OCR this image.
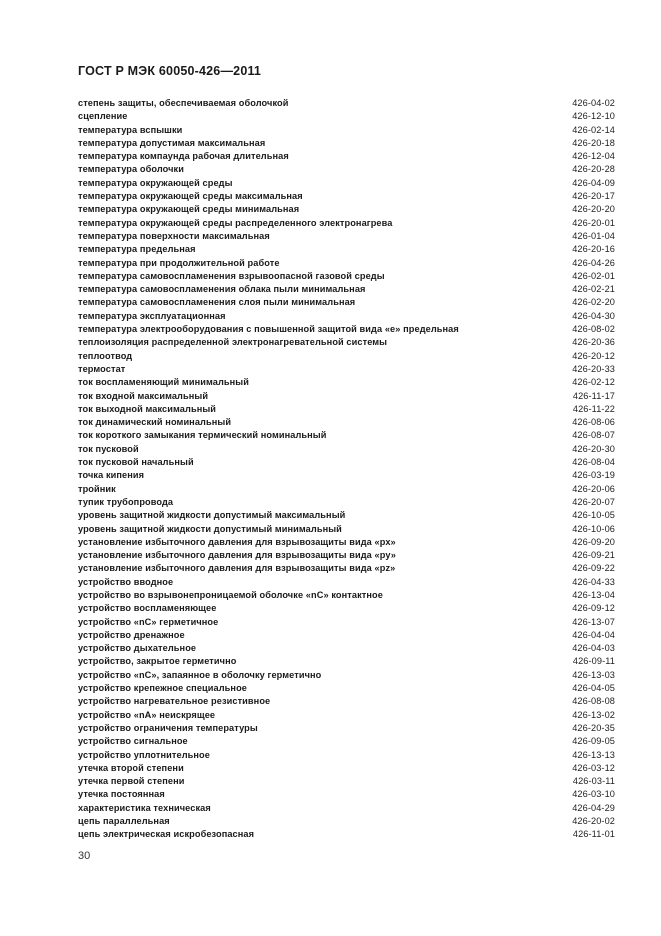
ГОСТ Р МЭК 60050-426—2011
степень защиты, обеспечиваемая оболочкой	426-04-02
сцепление	426-12-10
температура вспышки	426-02-14
температура допустимая максимальная	426-20-18
температура компаунда рабочая длительная	426-12-04
температура оболочки	426-20-28
температура окружающей среды	426-04-09
температура окружающей среды максимальная	426-20-17
температура окружающей среды минимальная	426-20-20
температура окружающей среды распределенного электронагрева	426-20-01
температура поверхности максимальная	426-01-04
температура предельная	426-20-16
температура при продолжительной работе	426-04-26
температура самовоспламенения взрывоопасной газовой среды	426-02-01
температура самовоспламенения облака пыли минимальная	426-02-21
температура самовоспламенения слоя пыли минимальная	426-02-20
температура эксплуатационная	426-04-30
температура электрооборудования с повышенной защитой вида «е» предельная	426-08-02
теплоизоляция распределенной электронагревательной системы	426-20-36
теплоотвод	426-20-12
термостат	426-20-33
ток воспламеняющий минимальный	426-02-12
ток входной максимальный	426-11-17
ток выходной максимальный	426-11-22
ток динамический номинальный	426-08-06
ток короткого замыкания термический номинальный	426-08-07
ток пусковой	426-20-30
ток пусковой начальный	426-08-04
точка кипения	426-03-19
тройник	426-20-06
тупик трубопровода	426-20-07
уровень защитной жидкости допустимый максимальный	426-10-05
уровень защитной жидкости допустимый минимальный	426-10-06
установление избыточного давления для взрывозащиты вида «рх»	426-09-20
установление избыточного давления для взрывозащиты вида «ру»	426-09-21
установление избыточного давления для взрывозащиты вида «pz»	426-09-22
устройство вводное	426-04-33
устройство во взрывонепроницаемой оболочке «nC» контактное	426-13-04
устройство воспламеняющее	426-09-12
устройство «nC» герметичное	426-13-07
устройство дренажное	426-04-04
устройство дыхательное	426-04-03
устройство, закрытое герметично	426-09-11
устройство «nC», запаянное в оболочку герметично	426-13-03
устройство крепежное специальное	426-04-05
устройство нагревательное резистивное	426-08-08
устройство «nA» неискрящее	426-13-02
устройство ограничения температуры	426-20-35
устройство сигнальное	426-09-05
устройство уплотнительное	426-13-13
утечка второй степени	426-03-12
утечка первой степени	426-03-11
утечка постоянная	426-03-10
характеристика техническая	426-04-29
цепь параллельная	426-20-02
цепь электрическая искробезопасная	426-11-01
30
